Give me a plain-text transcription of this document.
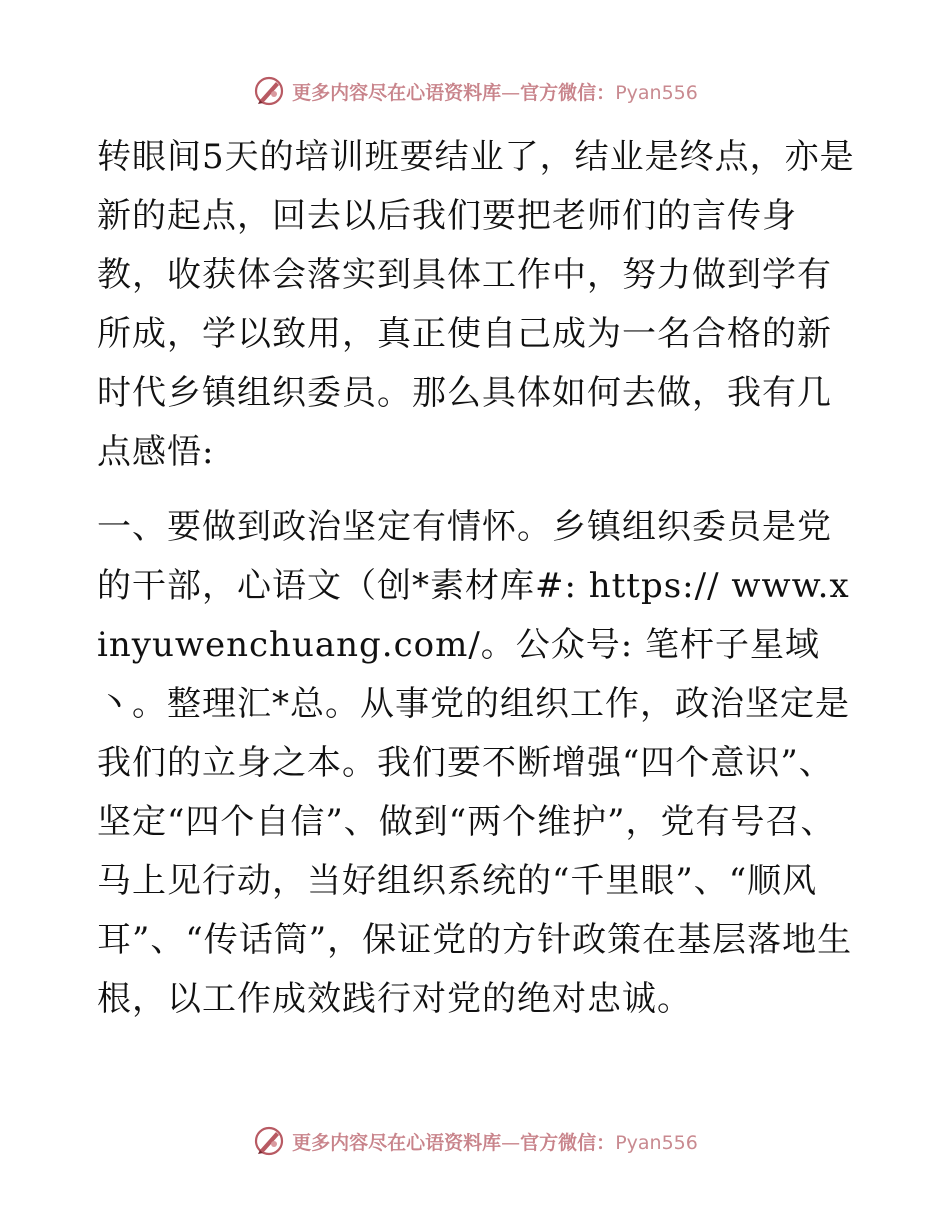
更多内容尽在心语资料库—官方微信：Pyan556

转眼间5天的培训班要结业了，结业是终点，亦是新的起点，回去以后我们要把老师们的言传身教，收获体会落实到具体工作中，努力做到学有所成，学以致用，真正使自己成为一名合格的新时代乡镇组织委员。那么具体如何去做，我有几点感悟:

一、要做到政治坚定有情怀。乡镇组织委员是党的干部，心语文（创*素材库#: https:// www.xinyuwenchuang.com/。公众号: 笔杆子星域丶。整理汇*总。从事党的组织工作，政治坚定是我们的立身之本。我们要不断增强“四个意识”、坚定“四个自信”、做到“两个维护”，党有号召、马上见行动，当好组织系统的“千里眼”、“顺风耳”、“传话筒”，保证党的方针政策在基层落地生根，以工作成效践行对党的绝对忠诚。

更多内容尽在心语资料库—官方微信：Pyan556
